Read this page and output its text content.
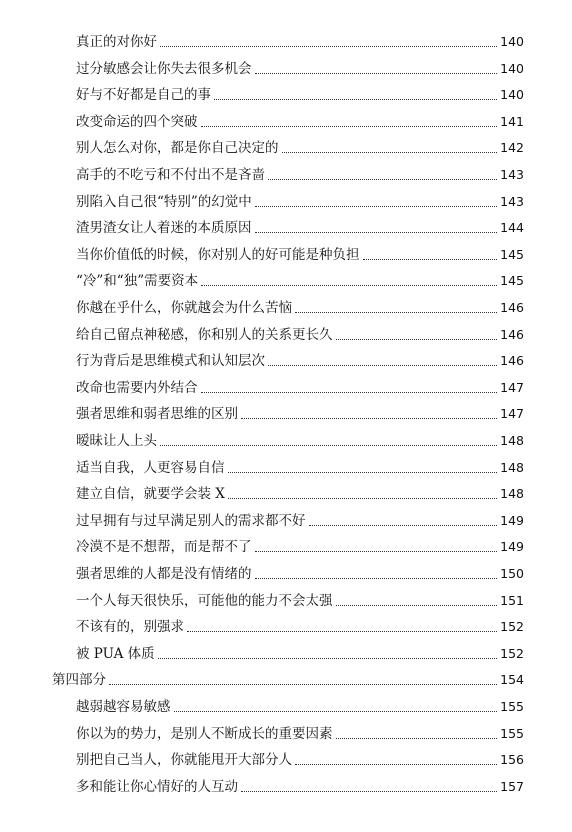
真正的对你好	140
过分敏感会让你失去很多机会	140
好与不好都是自己的事	140
改变命运的四个突破	141
别人怎么对你，都是你自己决定的	142
高手的不吃亏和不付出不是吝啬	143
别陷入自己很“特别”的幻觉中	143
渣男渣女让人着迷的本质原因	144
当你价值低的时候，你对别人的好可能是种负担	145
“冷”和“独”需要资本	145
你越在乎什么，你就越会为什么苦恼	146
给自己留点神秘感，你和别人的关系更长久	146
行为背后是思维模式和认知层次	146
改命也需要内外结合	147
强者思维和弱者思维的区别	147
暧昧让人上头	148
适当自我，人更容易自信	148
建立自信，就要学会装 X	148
过早拥有与过早满足别人的需求都不好	149
冷漠不是不想帮，而是帮不了	149
强者思维的人都是没有情绪的	150
一个人每天很快乐，可能他的能力不会太强	151
不该有的，别强求	152
被 PUA 体质	152
第四部分	154
越弱越容易敏感	155
你以为的势力，是别人不断成长的重要因素	155
别把自己当人，你就能甩开大部分人	156
多和能让你心情好的人互动	157
